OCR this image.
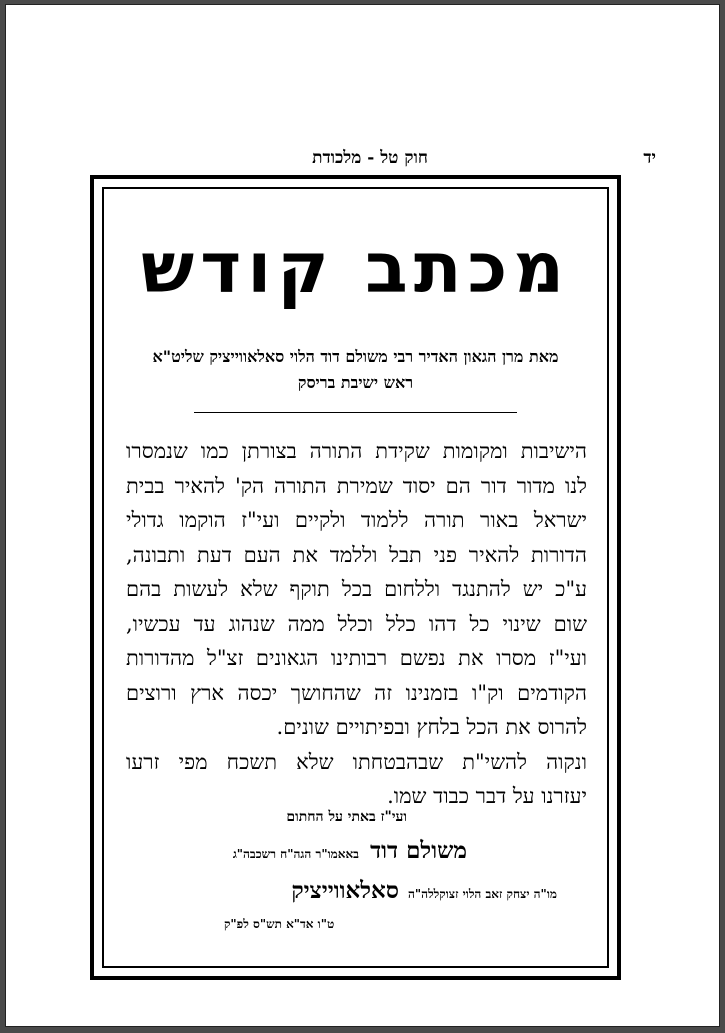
יד
חוק טל - מלכודת
מכתב קודש
מאת מרן הגאון האדיר רבי משולם דוד הלוי סאלאווייציק שליט"א
ראש ישיבת בריסק

הישיבות ומקומות שקידת התורה בצורתן כמו שנמסרו

לנו מדור דור הם יסוד שמירת התורה הק' להאיר בבית

ישראל באור תורה ללמוד ולקיים ועי"ז הוקמו גדולי

הדורות להאיר פני תבל וללמד את העם דעת ותבונה,

ע"כ יש להתנגד וללחום בכל תוקף שלא לעשות בהם

שום שינוי כל דהו כלל וכלל ממה שנהוג עד עכשיו,

ועי"ז מסרו את נפשם רבותינו הגאונים זצ"ל מהדורות

הקודמים וק"ו בזמנינו זה שהחושך יכסה ארץ ורוצים

להרוס את הכל בלחץ ובפיתויים שונים.

ונקוה להשי"ת שבהבטחתו שלא תשכח מפי זרעו

יעזרנו על דבר כבוד שמו.

ועי"ז באתי על החתום
משולם דוד באאמו"ר הגה"ח רשכבה"ג
מו"ה יצחק זאב הלוי זצוקללה"ה סאלאווייציק
ט"ו אד"א תש"ס לפ"ק
